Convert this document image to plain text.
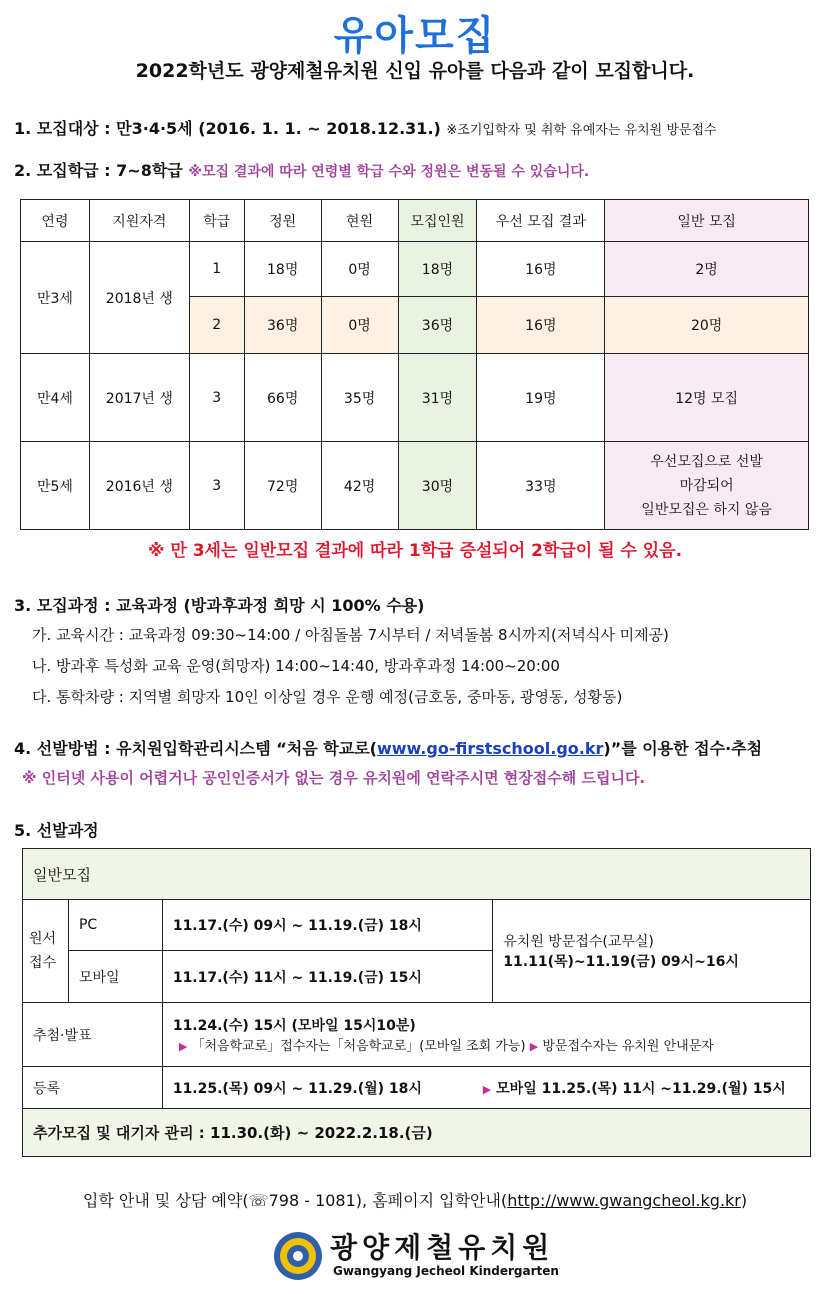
유아모집
2022학년도 광양제철유치원 신입 유아를 다음과 같이 모집합니다.
1. 모집대상 : 만3·4·5세 (2016. 1. 1. ~ 2018.12.31.) ※조기입학자 및 취학 유예자는 유치원 방문접수
2. 모집학급 : 7~8학급 ※모집 결과에 따라 연령별 학급 수와 정원은 변동될 수 있습니다.
연령	지원자격	학급	정원	현원	모집인원	우선 모집 결과	일반 모집
만3세	2018년 생	1	18명	0명	18명	16명	2명
		2	36명	0명	36명	16명	20명
만4세	2017년 생	3	66명	35명	31명	19명	12명 모집
만5세	2016년 생	3	72명	42명	30명	33명	우선모집으로 선발
마감되어
일반모집은 하지 않음
※ 만 3세는 일반모집 결과에 따라 1학급 증설되어 2학급이 될 수 있음.
3. 모집과정 : 교육과정 (방과후과정 희망 시 100% 수용)
가. 교육시간 : 교육과정 09:30~14:00 / 아침돌봄 7시부터 / 저녁돌봄 8시까지(저녁식사 미제공)
나. 방과후 특성화 교육 운영(희망자) 14:00~14:40, 방과후과정 14:00~20:00
다. 통학차량 : 지역별 희망자 10인 이상일 경우 운행 예정(금호동, 중마동, 광영동, 성황동)
4. 선발방법 : 유치원입학관리시스템 “처음 학교로(www.go-firstschool.go.kr)”를 이용한 접수·추첨
※ 인터넷 사용이 어렵거나 공인인증서가 없는 경우 유치원에 연락주시면 현장접수해 드립니다.
5. 선발과정
일반모집			
원서 접수	PC	11.17.(수) 09시 ~ 11.19.(금) 18시	유치원 방문접수(교무실)
11.11(목)~11.19(금) 09시~16시

	모바일	11.17.(수) 11시 ~ 11.19.(금) 15시	
추첨·발표		11.24.(수) 15시 (모바일 15시10분)
▶ 「처음학교로」접수자는「처음학교로」(모바일 조회 가능) ▶ 방문접수자는 유치원 안내문자	

등록		11.25.(목) 09시 ~ 11.29.(월) 18시 ▶ 모바일 11.25.(목) 11시 ~11.29.(월) 15시	
추가모집 및 대기자 관리 : 11.30.(화) ~ 2022.2.18.(금)			
입학 안내 및 상담 예약(☏798 - 1081), 홈페이지 입학안내(http://www.gwangcheol.kg.kr)
광양제철유치원
Gwangyang Jecheol Kindergarten
